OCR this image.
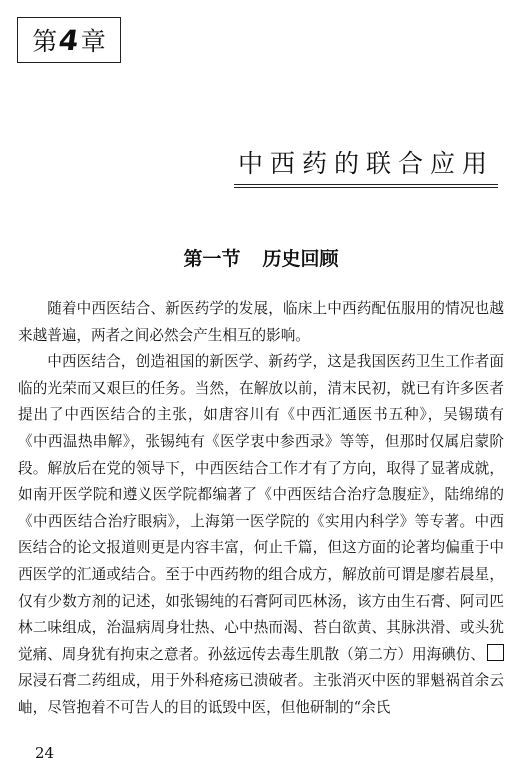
第 4 章
中西药的联合应用
第一节 历史回顾

随着中西医结合、新医药学的发展，临床上中西药配伍服用的情况也越来越普遍，两者之间必然会产生相互的影响。

中西医结合，创造祖国的新医学、新药学，这是我国医药卫生工作者面临的光荣而又艰巨的任务。当然，在解放以前，清末民初，就已有许多医者提出了中西医结合的主张，如唐容川有《中西汇通医书五种》，吴锡璜有《中西温热串解》，张锡纯有《医学衷中参西录》等等，但那时仅属启蒙阶段。解放后在党的领导下，中西医结合工作才有了方向，取得了显著成就，如南开医学院和遵义医学院都编著了《中西医结合治疗急腹症》，陆绵绵的《中西医结合治疗眼病》，上海第一医学院的《实用内科学》等专著。中西医结合的论文报道则更是内容丰富，何止千篇，但这方面的论著均偏重于中西医学的汇通或结合。至于中西药物的组合成方，解放前可谓是廖若晨星，仅有少数方剂的记述，如张锡纯的石膏阿司匹林汤，该方由生石膏、阿司匹林二味组成，治温病周身壮热、心中热而渴、苔白欲黄、其脉洪滑、或头犹觉痛、周身犹有拘束之意者。孙兹远传去毒生肌散（第二方）用海碘仿、

尿浸石膏二药组成，用于外科疮疡已溃破者。主张消灭中医的罪魁祸首余云岫，尽管抱着不可告人的目的诋毁中医，但他研制的“余氏

24
